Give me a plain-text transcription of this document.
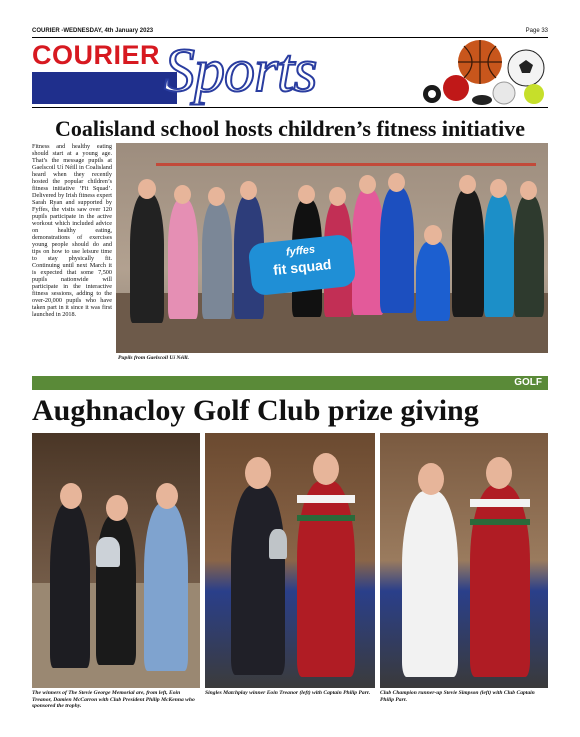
COURIER -WEDNESDAY, 4th January 2023	Page 33
COURIER Sports
Coalisland school hosts children’s fitness initiative
Fitness and healthy eating should start at a young age. That’s the message pupils at Gaelscoil Uí Néill in Coalisland heard when they recently hosted the popular children’s fitness initiative ‘Fit Squad’. Delivered by Irish fitness expert Sarah Ryan and supported by Fyffes, the visits saw over 120 pupils participate in the active workout which included advice on healthy eating, demonstrations of exercises young people should do and tips on how to use leisure time to stay physically fit. Continuing until next March it is expected that some 7,500 pupils nationwide will participate in the interactive fitness sessions, adding to the over-20,000 pupils who have taken part in it since it was first launched in 2018.
fyffes
fit squad
Pupils from Gaelscoil Uí Néill.
GOLF
Aughnacloy Golf Club prize giving
The winners of The Stevie George Memorial are, from left, Eoin Treanor, Damien McCarron with Club President Philip McKenna who sponsored the trophy.
Singles Matchplay winner Eoin Treanor (left) with Captain Philip Parr.	Club Champion runner-up Stevie Simpson (left) with Club Captain Philip Parr.
